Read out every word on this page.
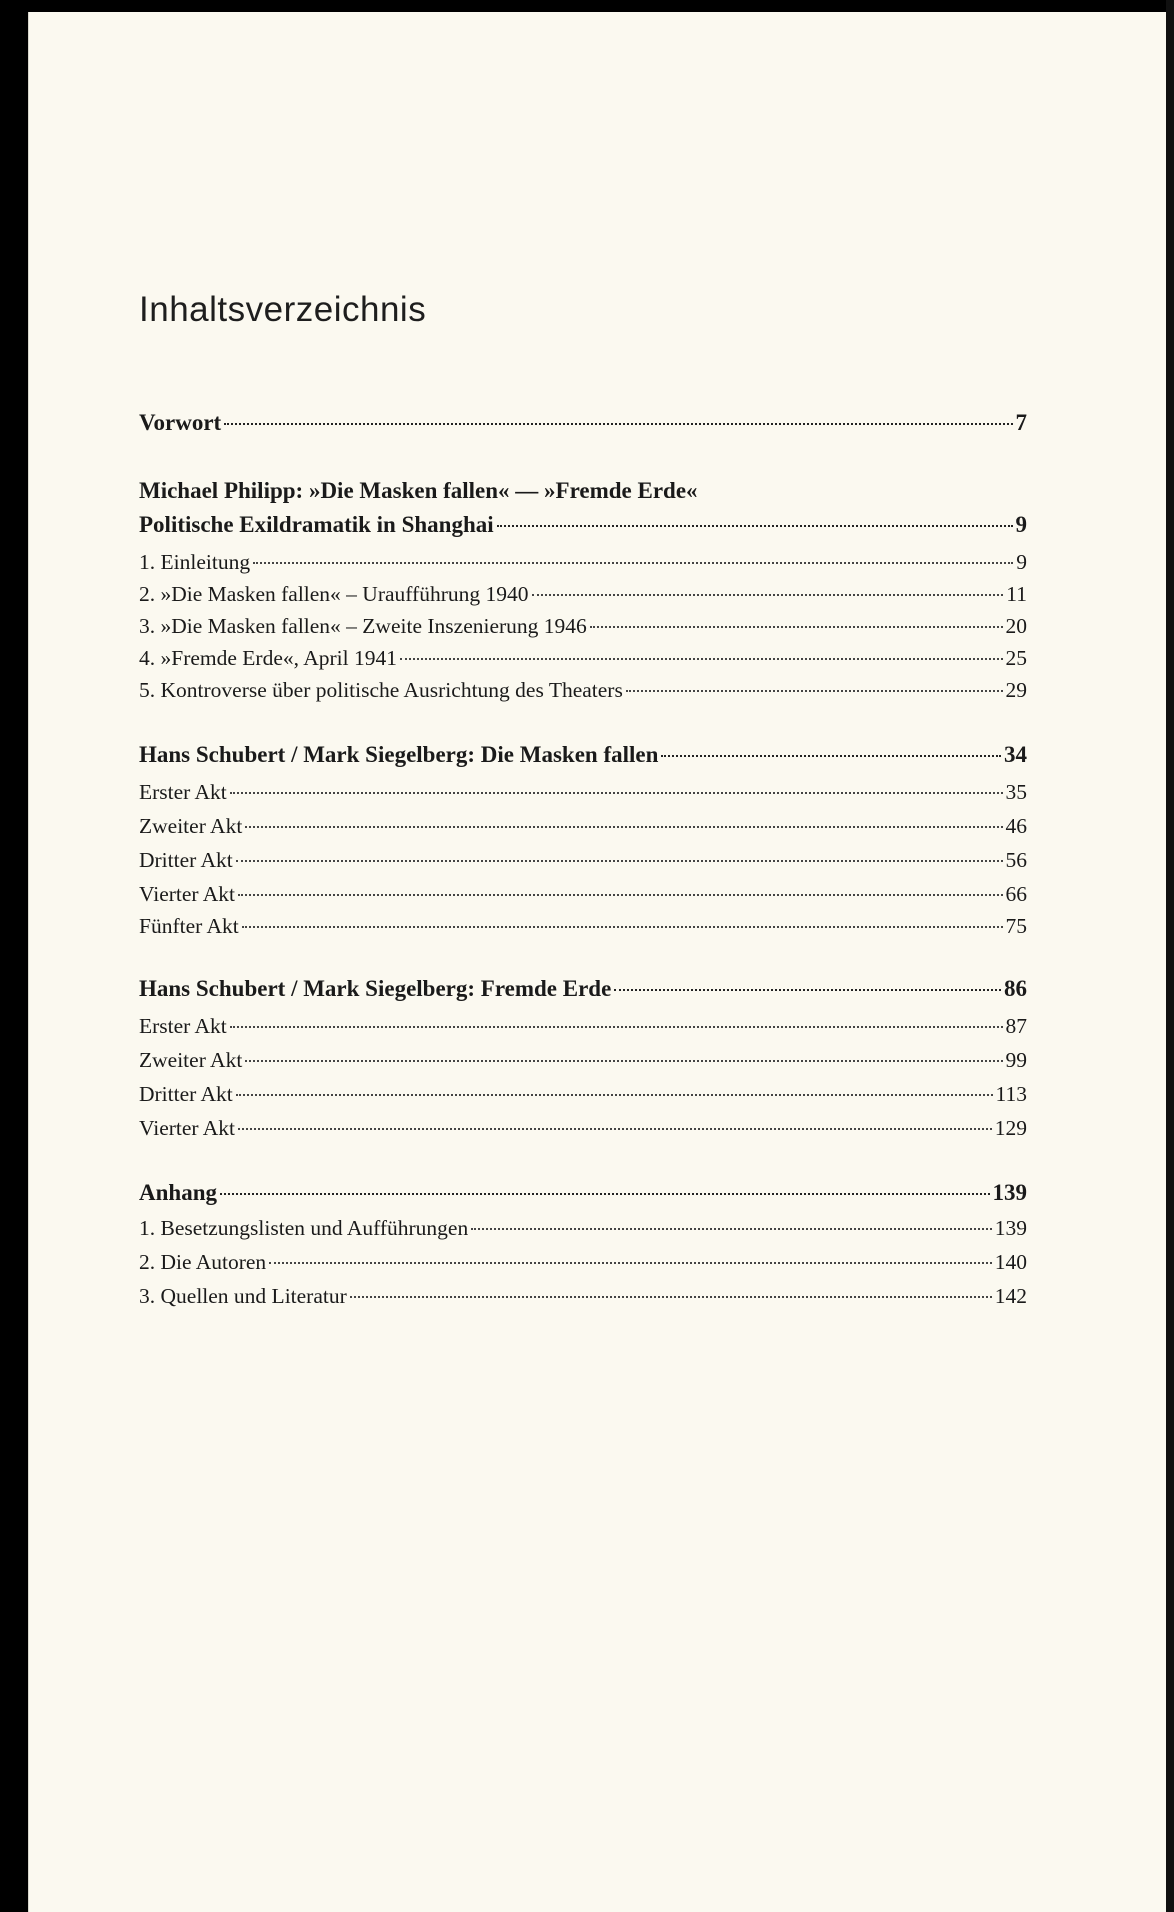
Inhaltsverzeichnis
Vorwort	7
Michael Philipp: »Die Masken fallen« — »Fremde Erde«
Politische Exildramatik in Shanghai	9
1. Einleitung	9
2. »Die Masken fallen« – Uraufführung 1940	11
3. »Die Masken fallen« – Zweite Inszenierung 1946	20
4. »Fremde Erde«, April 1941	25
5. Kontroverse über politische Ausrichtung des Theaters	29
Hans Schubert / Mark Siegelberg: Die Masken fallen	34
Erster Akt	35
Zweiter Akt	46
Dritter Akt	56
Vierter Akt	66
Fünfter Akt	75
Hans Schubert / Mark Siegelberg: Fremde Erde	86
Erster Akt	87
Zweiter Akt	99
Dritter Akt	113
Vierter Akt	129
Anhang	139
1. Besetzungslisten und Aufführungen	139
2. Die Autoren	140
3. Quellen und Literatur	142
